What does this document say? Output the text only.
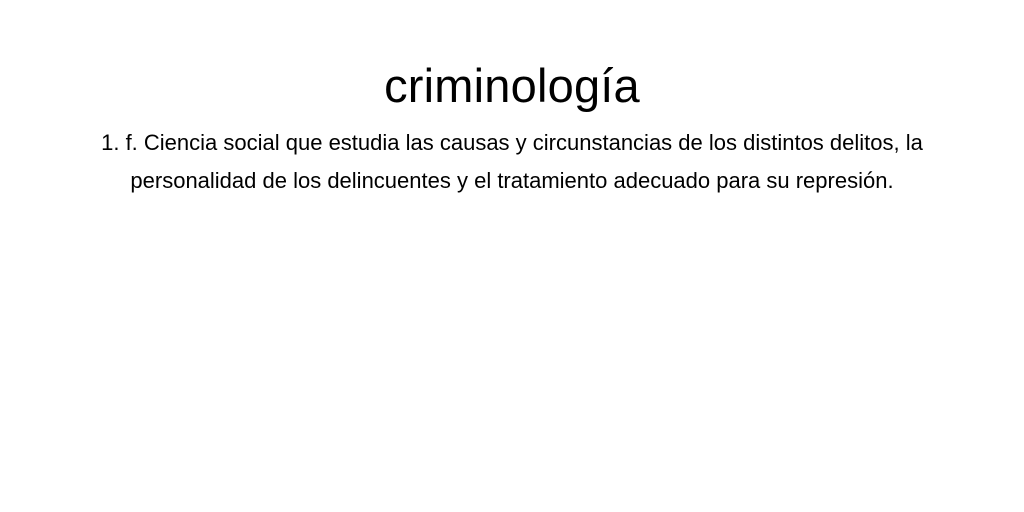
criminología

1. f. Ciencia social que estudia las causas y circunstancias de los distintos delitos, la personalidad de los delincuentes y el tratamiento adecuado para su represión.
